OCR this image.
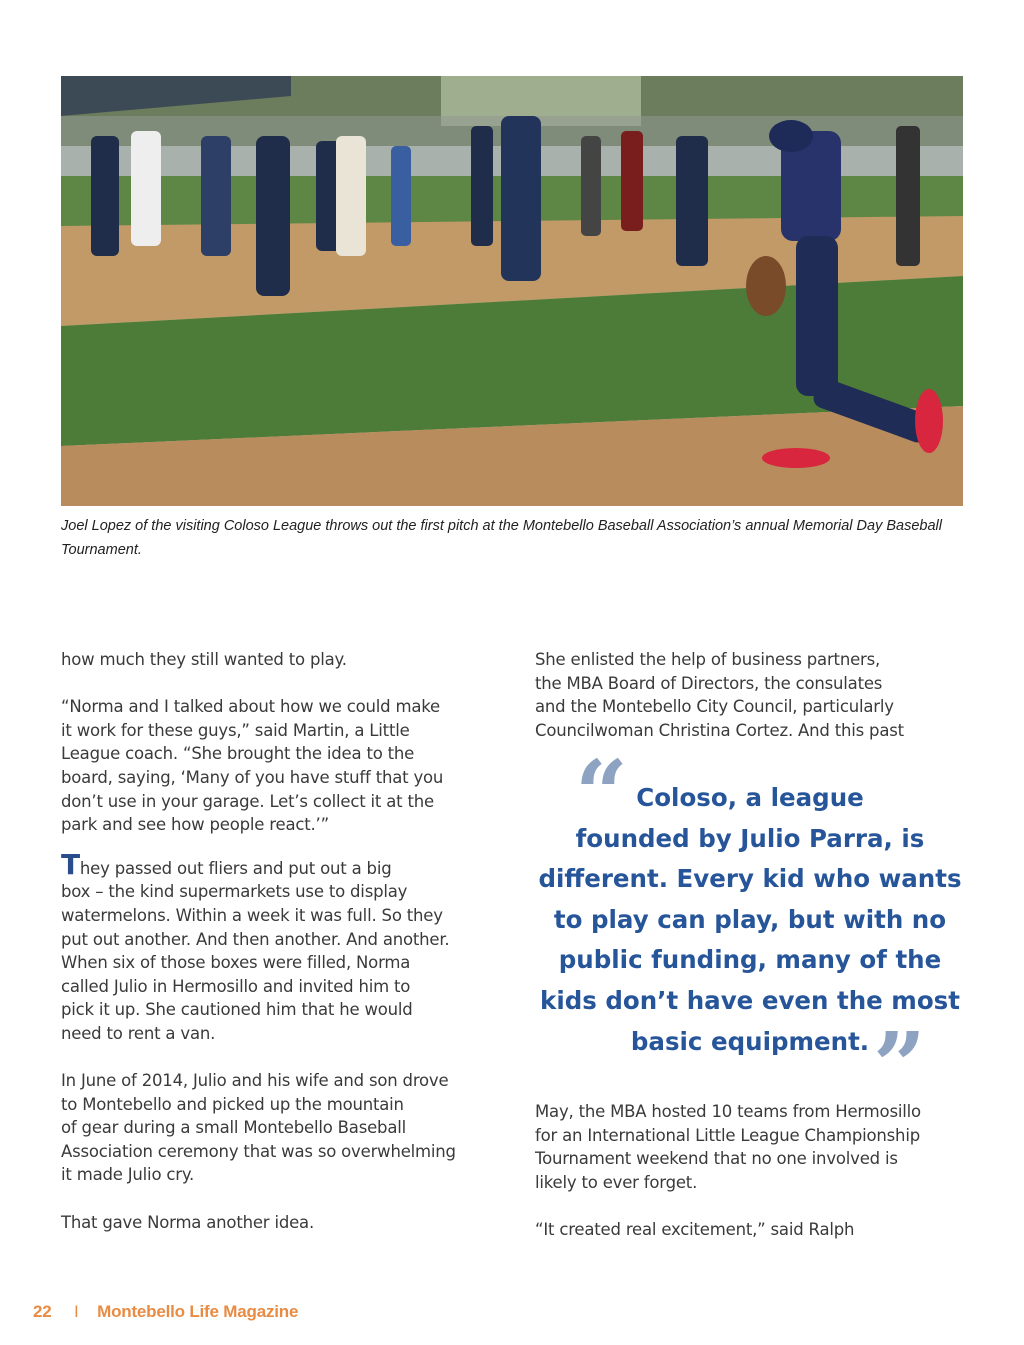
Joel Lopez of the visiting Coloso League throws out the first pitch at the Montebello Baseball Association’s annual Memorial Day Baseball Tournament.

how much they still wanted to play.

“Norma and I talked about how we could make
it work for these guys,” said Martin, a Little
League coach. “She brought the idea to the
board, saying, ‘Many of you have stuff that you
don’t use in your garage. Let’s collect it at the
park and see how people react.’”

They passed out fliers and put out a big
box – the kind supermarkets use to display
watermelons. Within a week it was full. So they
put out another. And then another. And another.
When six of those boxes were filled, Norma
called Julio in Hermosillo and invited him to
pick it up. She cautioned him that he would
need to rent a van.

In June of 2014, Julio and his wife and son drove
to Montebello and picked up the mountain
of gear during a small Montebello Baseball
Association ceremony that was so overwhelming
it made Julio cry.

That gave Norma another idea.

She enlisted the help of business partners,
the MBA Board of Directors, the consulates
and the Montebello City Council, particularly
Councilwoman Christina Cortez. And this past

“ Coloso, a league
founded by Julio Parra, is
different. Every kid who wants
to play can play, but with no
public funding, many of the
kids don’t have even the most
basic equipment. ”

May, the MBA hosted 10 teams from Hermosillo
for an International Little League Championship
Tournament weekend that no one involved is
likely to ever forget.

“It created real excitement,” said Ralph

22 I Montebello Life Magazine
